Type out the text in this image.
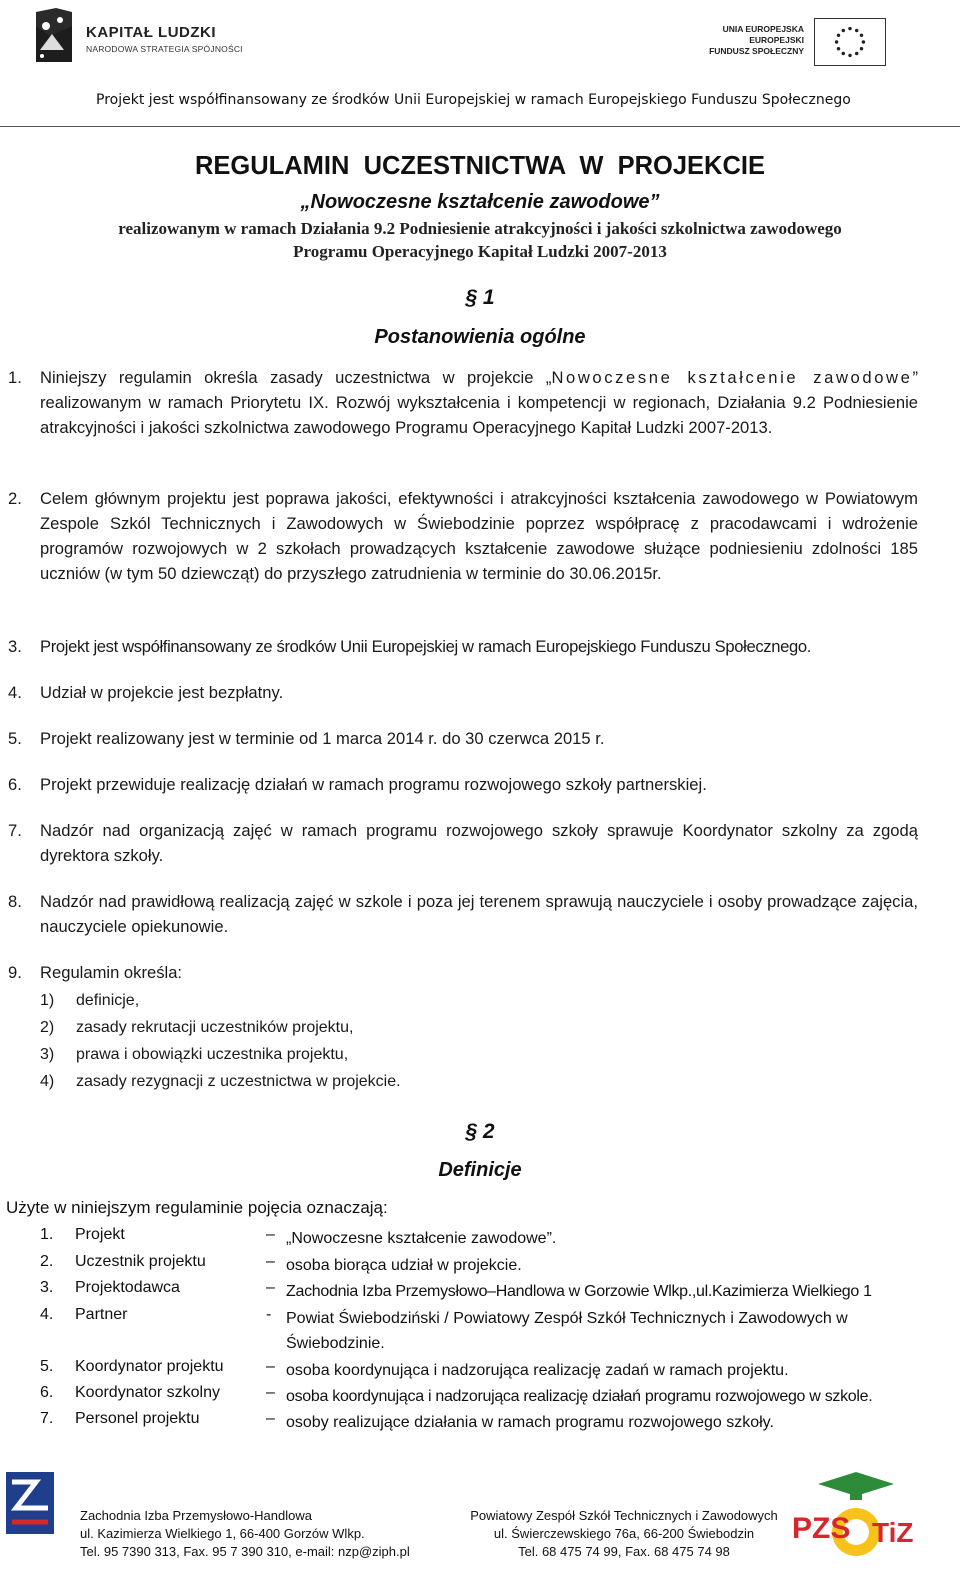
KAPITAŁ LUDZKI
NARODOWA STRATEGIA SPÓJNOŚCI
UNIA EUROPEJSKA
EUROPEJSKI
FUNDUSZ SPOŁECZNY
Projekt jest współfinansowany ze środków Unii Europejskiej w ramach Europejskiego Funduszu Społecznego
REGULAMIN  UCZESTNICTWA  W  PROJEKCIE
„Nowoczesne kształcenie zawodowe”
realizowanym w ramach Działania 9.2 Podniesienie atrakcyjności i jakości szkolnictwa zawodowego
Programu Operacyjnego Kapitał Ludzki 2007-2013
§ 1
Postanowienia ogólne
1. Niniejszy regulamin określa zasady uczestnictwa w projekcie „Nowoczesne kształcenie zawodowe” realizowanym w ramach Priorytetu IX. Rozwój wykształcenia i kompetencji w regionach, Działania 9.2 Podniesienie atrakcyjności i jakości szkolnictwa zawodowego Programu Operacyjnego Kapitał Ludzki 2007-2013.
2. Celem głównym projektu jest poprawa jakości, efektywności i atrakcyjności kształcenia zawodowego w Powiatowym Zespole Szkól Technicznych i Zawodowych w Świebodzinie poprzez współpracę z pracodawcami i wdrożenie programów rozwojowych w 2 szkołach prowadzących kształcenie zawodowe służące podniesieniu zdolności 185 uczniów (w tym 50 dziewcząt) do przyszłego zatrudnienia w terminie do 30.06.2015r.
3. Projekt jest współfinansowany ze środków Unii Europejskiej w ramach Europejskiego Funduszu Społecznego.
4. Udział w projekcie jest bezpłatny.
5. Projekt realizowany jest w terminie od 1 marca 2014 r. do 30 czerwca 2015 r.
6. Projekt przewiduje realizację działań w ramach programu rozwojowego szkoły partnerskiej.
7. Nadzór nad organizacją zajęć w ramach programu rozwojowego szkoły sprawuje Koordynator szkolny za zgodą dyrektora szkoły.
8. Nadzór nad prawidłową realizacją zajęć w szkole i poza jej terenem sprawują nauczyciele i osoby prowadzące zajęcia, nauczyciele opiekunowie.
9. Regulamin określa:
1) definicje,
2) zasady rekrutacji uczestników projektu,
3) prawa i obowiązki uczestnika projektu,
4) zasady rezygnacji z uczestnictwa w projekcie.
§ 2
Definicje
Użyte w niniejszym regulaminie pojęcia oznaczają:
1. Projekt	– „Nowoczesne kształcenie zawodowe”.
2. Uczestnik projektu	– osoba biorąca udział w projekcie.
3. Projektodawca	– Zachodnia Izba Przemysłowo–Handlowa w Gorzowie Wlkp.,ul.Kazimierza Wielkiego 1
4. Partner	- Powiat Świebodziński / Powiatowy Zespół Szkół Technicznych i Zawodowych w Świebodzinie.
5. Koordynator projektu	– osoba koordynująca i nadzorująca realizację zadań w ramach projektu.
6. Koordynator szkolny	– osoba koordynująca i nadzorująca realizację działań programu rozwojowego w szkole.
7. Personel projektu	– osoby realizujące działania w ramach programu rozwojowego szkoły.
Zachodnia Izba Przemysłowo-Handlowa
ul. Kazimierza Wielkiego 1, 66-400 Gorzów Wlkp.
Tel. 95 7390 313, Fax. 95 7 390 310, e-mail: nzp@ziph.pl
Powiatowy Zespół Szkół Technicznych i Zawodowych
ul. Świerczewskiego 76a, 66-200 Świebodzin
Tel. 68 475 74 99, Fax. 68 475 74 98
PZS TiZ
